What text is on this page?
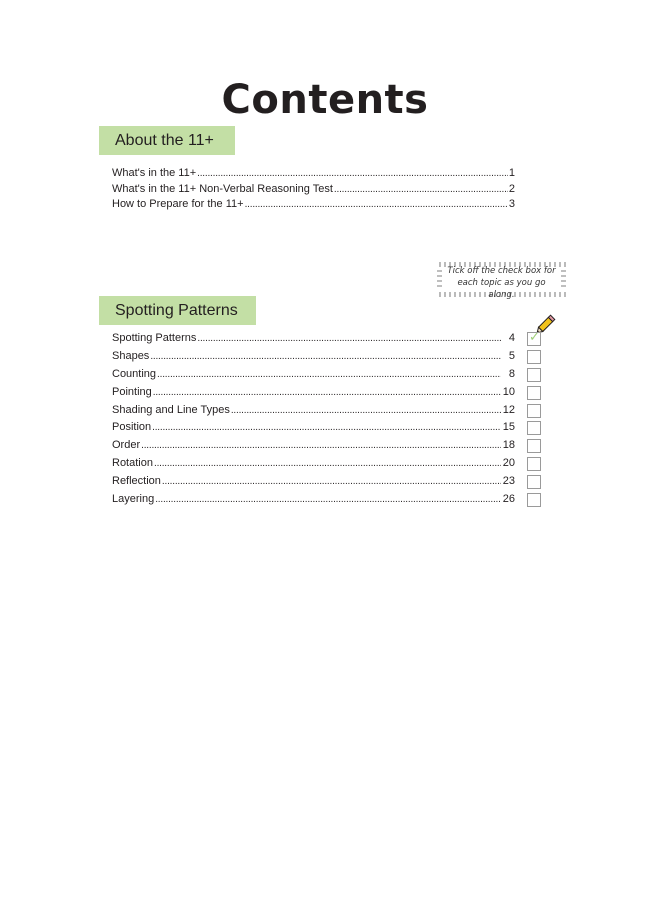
Contents
About the 11+
What's in the 11+ .....	1
What's in the 11+ Non-Verbal Reasoning Test .....	2
How to Prepare for the 11+ .....	3
Tick off the check box for
each topic as you go along.
Spotting Patterns
Spotting Patterns .....	4
Shapes .....	5
Counting .....	8
Pointing .....	10
Shading and Line Types .....	12
Position .....	15
Order .....	18
Rotation .....	20
Reflection .....	23
Layering .....	26
✓
